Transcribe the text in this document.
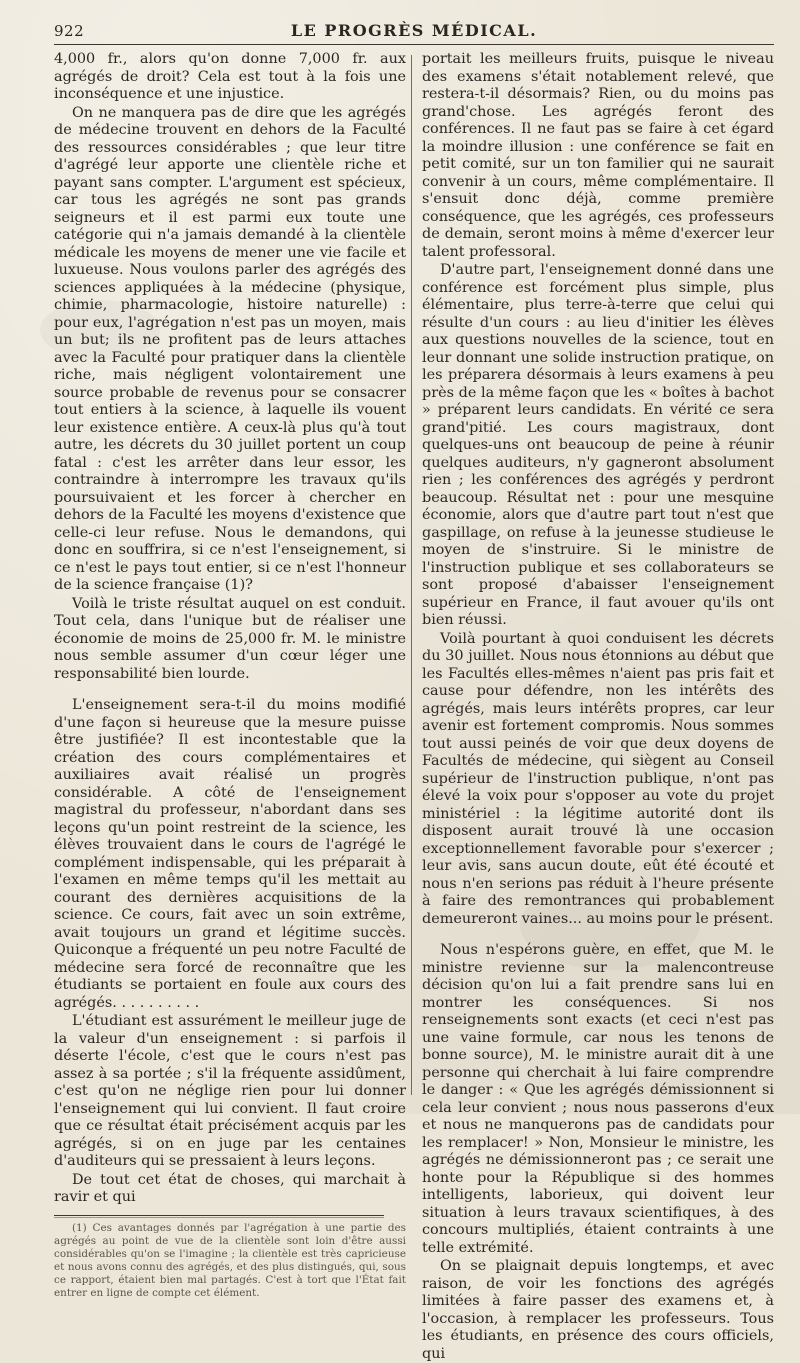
922	LE PROGRÈS MÉDICAL.

4,000 fr., alors qu'on donne 7,000 fr. aux agrégés de droit? Cela est tout à la fois une inconséquence et une injustice.

On ne manquera pas de dire que les agrégés de médecine trouvent en dehors de la Faculté des ressources considérables ; que leur titre d'agrégé leur apporte une clientèle riche et payant sans compter. L'argument est spécieux, car tous les agrégés ne sont pas grands seigneurs et il est parmi eux toute une catégorie qui n'a jamais demandé à la clientèle médicale les moyens de mener une vie facile et luxueuse. Nous voulons parler des agrégés des sciences appliquées à la médecine (physique, chimie, pharmacologie, histoire naturelle) : pour eux, l'agrégation n'est pas un moyen, mais un but; ils ne profitent pas de leurs attaches avec la Faculté pour pratiquer dans la clientèle riche, mais négligent volontairement une source probable de revenus pour se consacrer tout entiers à la science, à laquelle ils vouent leur existence entière. A ceux-là plus qu'à tout autre, les décrets du 30 juillet portent un coup fatal : c'est les arrêter dans leur essor, les contraindre à interrompre les travaux qu'ils poursuivaient et les forcer à chercher en dehors de la Faculté les moyens d'existence que celle-ci leur refuse. Nous le demandons, qui donc en souffrira, si ce n'est l'enseignement, si ce n'est le pays tout entier, si ce n'est l'honneur de la science française (1)?

Voilà le triste résultat auquel on est conduit. Tout cela, dans l'unique but de réaliser une économie de moins de 25,000 fr. M. le ministre nous semble assumer d'un cœur léger une responsabilité bien lourde.

L'enseignement sera-t-il du moins modifié d'une façon si heureuse que la mesure puisse être justifiée? Il est incontestable que la création des cours complémentaires et auxiliaires avait réalisé un progrès considérable. A côté de l'enseignement magistral du professeur, n'abordant dans ses leçons qu'un point restreint de la science, les élèves trouvaient dans le cours de l'agrégé le complément indispensable, qui les préparait à l'examen en même temps qu'il les mettait au courant des dernières acquisitions de la science. Ce cours, fait avec un soin extrême, avait toujours un grand et légitime succès. Quiconque a fréquenté un peu notre Faculté de médecine sera forcé de reconnaître que les étudiants se portaient en foule aux cours des agrégés. . . . . . . . . .

L'étudiant est assurément le meilleur juge de la valeur d'un enseignement : si parfois il déserte l'école, c'est que le cours n'est pas assez à sa portée ; s'il la fréquente assidûment, c'est qu'on ne néglige rien pour lui donner l'enseignement qui lui convient. Il faut croire que ce résultat était précisément acquis par les agrégés, si on en juge par les centaines d'auditeurs qui se pressaient à leurs leçons.

De tout cet état de choses, qui marchait à ravir et qui

(1) Ces avantages donnés par l'agrégation à une partie des agrégés au point de vue de la clientèle sont loin d'être aussi considérables qu'on se l'imagine ; la clientèle est très capricieuse et nous avons connu des agrégés, et des plus distingués, qui, sous ce rapport, étaient bien mal partagés. C'est à tort que l'État fait entrer en ligne de compte cet élément.

portait les meilleurs fruits, puisque le niveau des examens s'était notablement relevé, que restera-t-il désormais? Rien, ou du moins pas grand'chose. Les agrégés feront des conférences. Il ne faut pas se faire à cet égard la moindre illusion : une conférence se fait en petit comité, sur un ton familier qui ne saurait convenir à un cours, même complémentaire. Il s'ensuit donc déjà, comme première conséquence, que les agrégés, ces professeurs de demain, seront moins à même d'exercer leur talent professoral.

D'autre part, l'enseignement donné dans une conférence est forcément plus simple, plus élémentaire, plus terre-à-terre que celui qui résulte d'un cours : au lieu d'initier les élèves aux questions nouvelles de la science, tout en leur donnant une solide instruction pratique, on les préparera désormais à leurs examens à peu près de la même façon que les « boîtes à bachot » préparent leurs candidats. En vérité ce sera grand'pitié. Les cours magistraux, dont quelques-uns ont beaucoup de peine à réunir quelques auditeurs, n'y gagneront absolument rien ; les conférences des agrégés y perdront beaucoup. Résultat net : pour une mesquine économie, alors que d'autre part tout n'est que gaspillage, on refuse à la jeunesse studieuse le moyen de s'instruire. Si le ministre de l'instruction publique et ses collaborateurs se sont proposé d'abaisser l'enseignement supérieur en France, il faut avouer qu'ils ont bien réussi.

Voilà pourtant à quoi conduisent les décrets du 30 juillet. Nous nous étonnions au début que les Facultés elles-mêmes n'aient pas pris fait et cause pour défendre, non les intérêts des agrégés, mais leurs intérêts propres, car leur avenir est fortement compromis. Nous sommes tout aussi peinés de voir que deux doyens de Facultés de médecine, qui siègent au Conseil supérieur de l'instruction publique, n'ont pas élevé la voix pour s'opposer au vote du projet ministériel : la légitime autorité dont ils disposent aurait trouvé là une occasion exceptionnellement favorable pour s'exercer ; leur avis, sans aucun doute, eût été écouté et nous n'en serions pas réduit à l'heure présente à faire des remontrances qui probablement demeureront vaines... au moins pour le présent.

Nous n'espérons guère, en effet, que M. le ministre revienne sur la malencontreuse décision qu'on lui a fait prendre sans lui en montrer les conséquences. Si nos renseignements sont exacts (et ceci n'est pas une vaine formule, car nous les tenons de bonne source), M. le ministre aurait dit à une personne qui cherchait à lui faire comprendre le danger : « Que les agrégés démissionnent si cela leur convient ; nous nous passerons d'eux et nous ne manquerons pas de candidats pour les remplacer! » Non, Monsieur le ministre, les agrégés ne démissionneront pas ; ce serait une honte pour la République si des hommes intelligents, laborieux, qui doivent leur situation à leurs travaux scientifiques, à des concours multipliés, étaient contraints à une telle extrémité.

On se plaignait depuis longtemps, et avec raison, de voir les fonctions des agrégés limitées à faire passer des examens et, à l'occasion, à remplacer les professeurs. Tous les étudiants, en présence des cours officiels, qui
